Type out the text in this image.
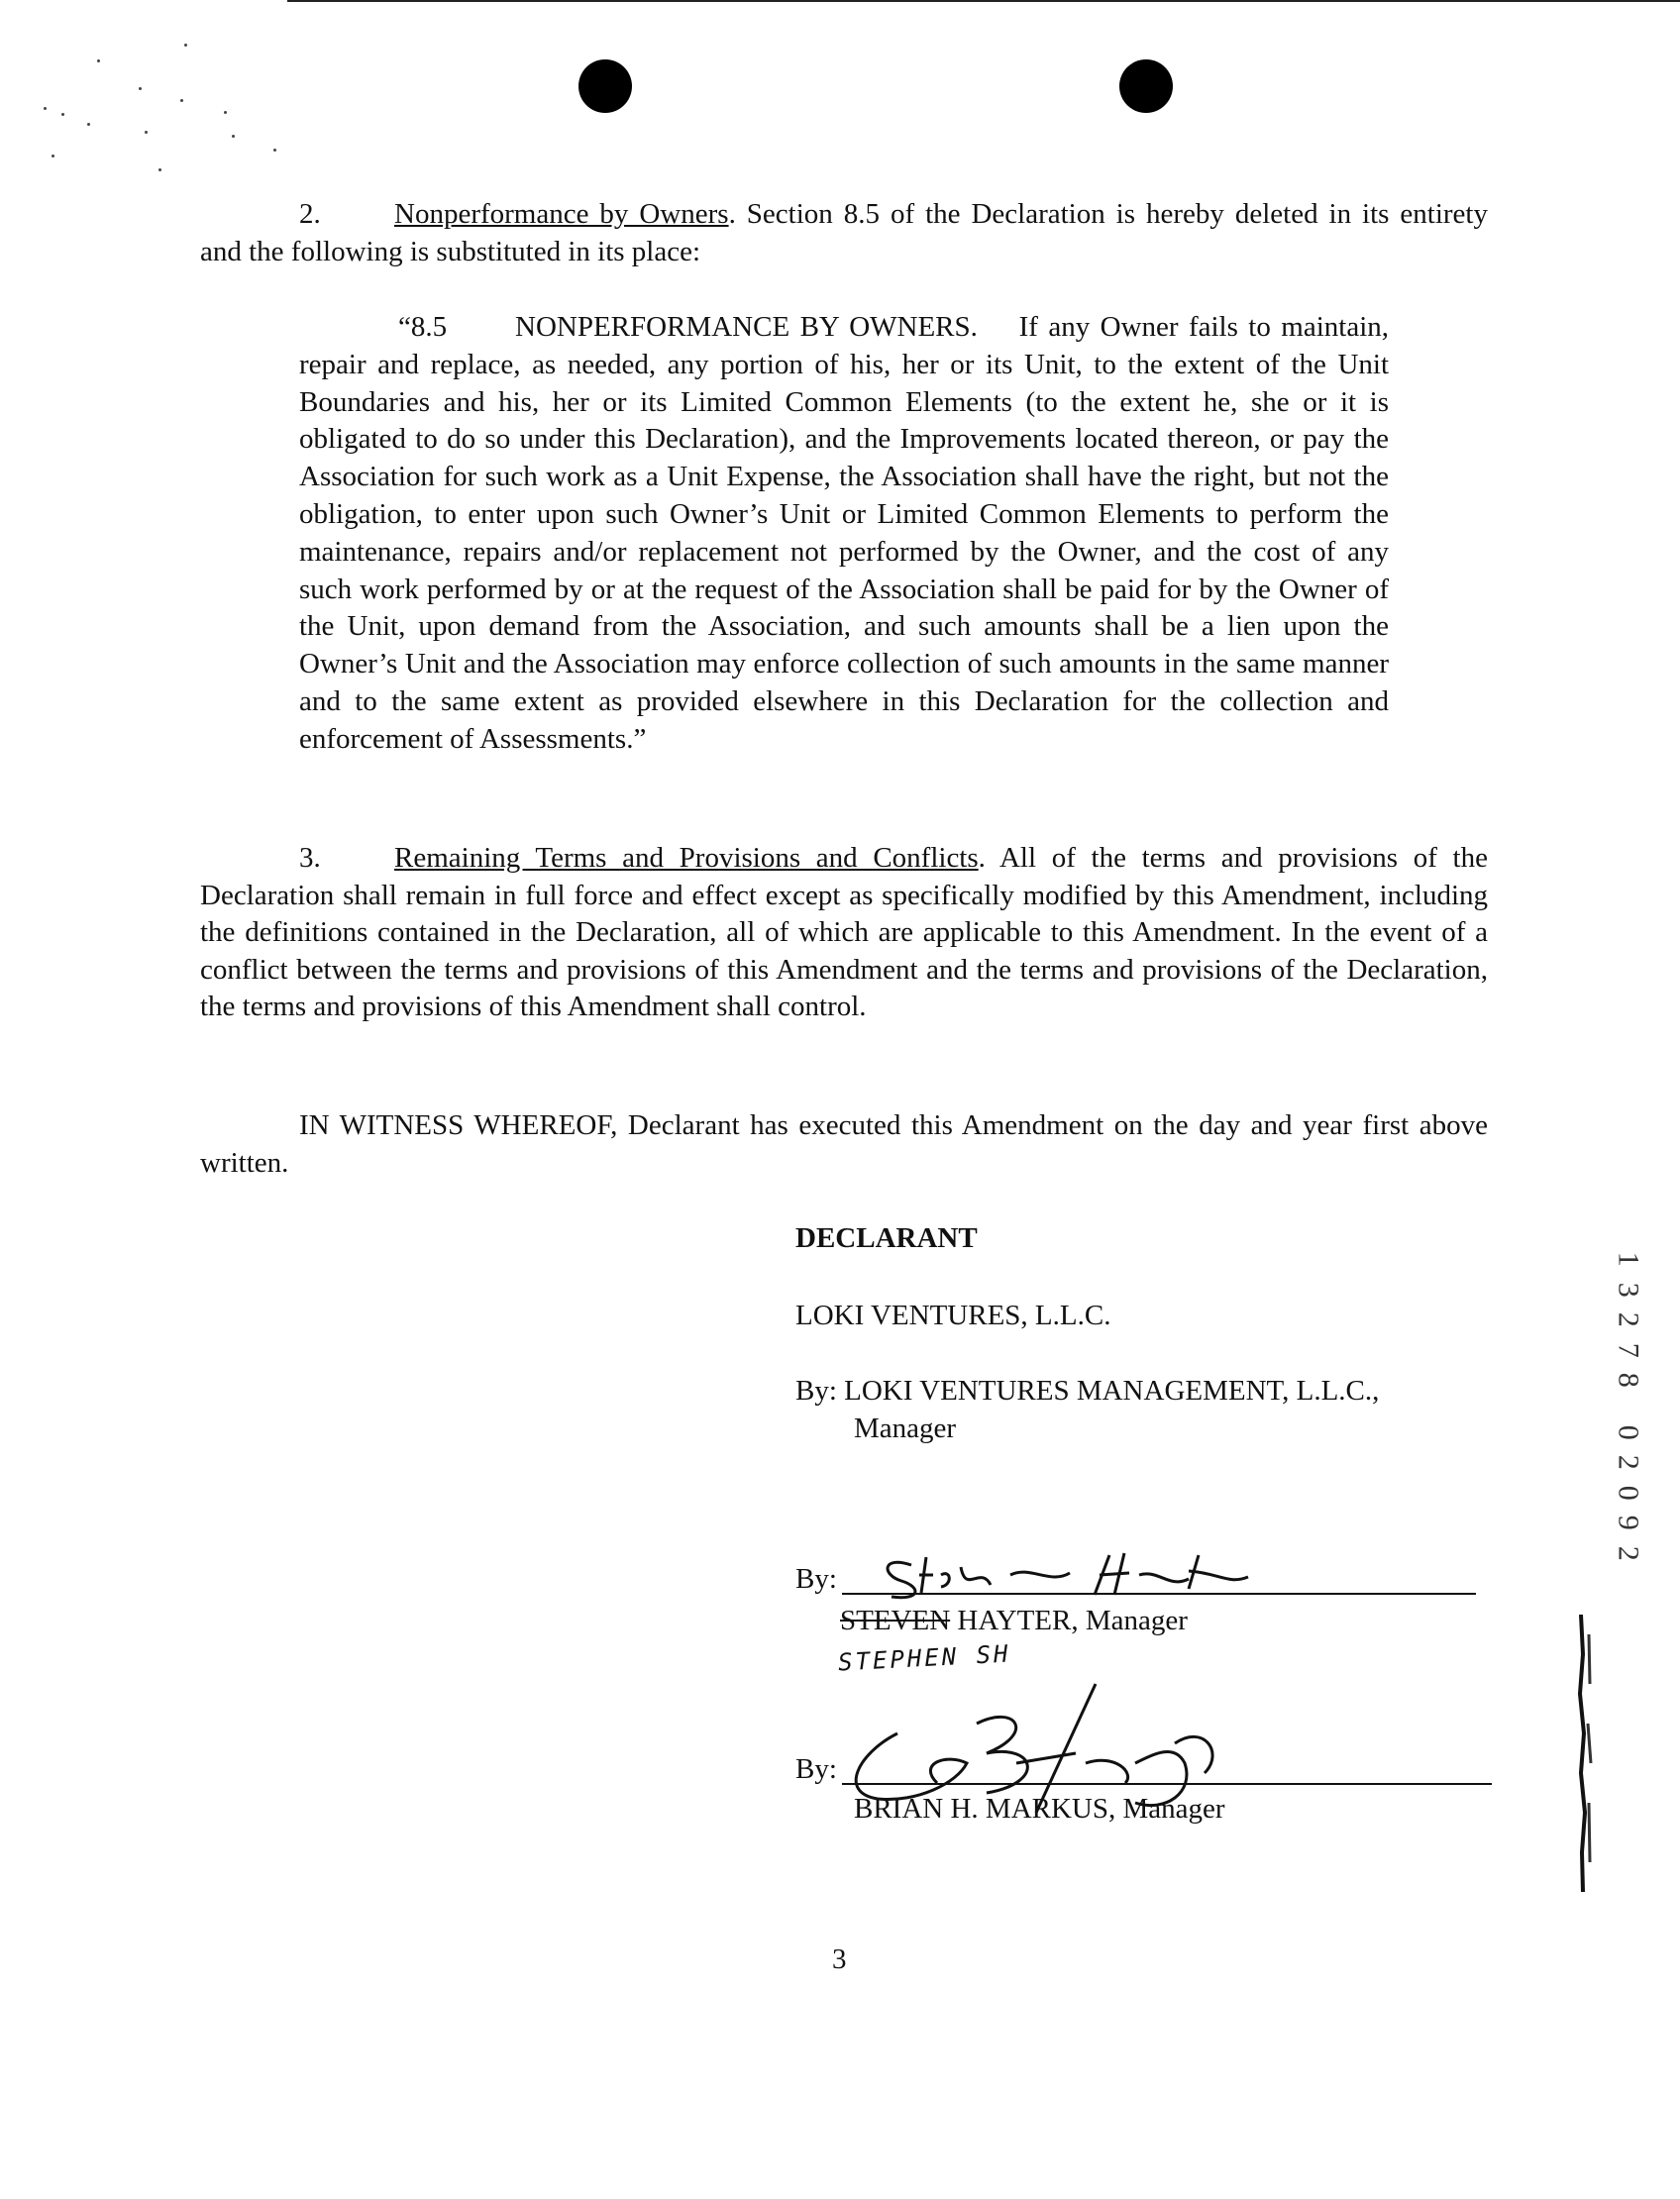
2.	Nonperformance by Owners. Section 8.5 of the Declaration is hereby deleted in its entirety and the following is substituted in its place:

“8.5 NONPERFORMANCE BY OWNERS. If any Owner fails to maintain, repair and replace, as needed, any portion of his, her or its Unit, to the extent of the Unit Boundaries and his, her or its Limited Common Elements (to the extent he, she or it is obligated to do so under this Declaration), and the Improvements located thereon, or pay the Association for such work as a Unit Expense, the Association shall have the right, but not the obligation, to enter upon such Owner’s Unit or Limited Common Elements to perform the maintenance, repairs and/or replacement not performed by the Owner, and the cost of any such work performed by or at the request of the Association shall be paid for by the Owner of the Unit, upon demand from the Association, and such amounts shall be a lien upon the Owner’s Unit and the Association may enforce collection of such amounts in the same manner and to the same extent as provided elsewhere in this Declaration for the collection and enforcement of Assessments.”

3.	Remaining Terms and Provisions and Conflicts. All of the terms and provisions of the Declaration shall remain in full force and effect except as specifically modified by this Amendment, including the definitions contained in the Declaration, all of which are applicable to this Amendment. In the event of a conflict between the terms and provisions of this Amendment and the terms and provisions of the Declaration, the terms and provisions of this Amendment shall control.

IN WITNESS WHEREOF, Declarant has executed this Amendment on the day and year first above written.

DECLARANT
LOKI VENTURES, L.L.C.
By: LOKI VENTURES MANAGEMENT, L.L.C.,
Manager
By:
STEVEN HAYTER, Manager
STEPHEN SH
By:
BRIAN H. MARKUS, Manager
1
3
2
7
8
0
2
0
9
2
3
